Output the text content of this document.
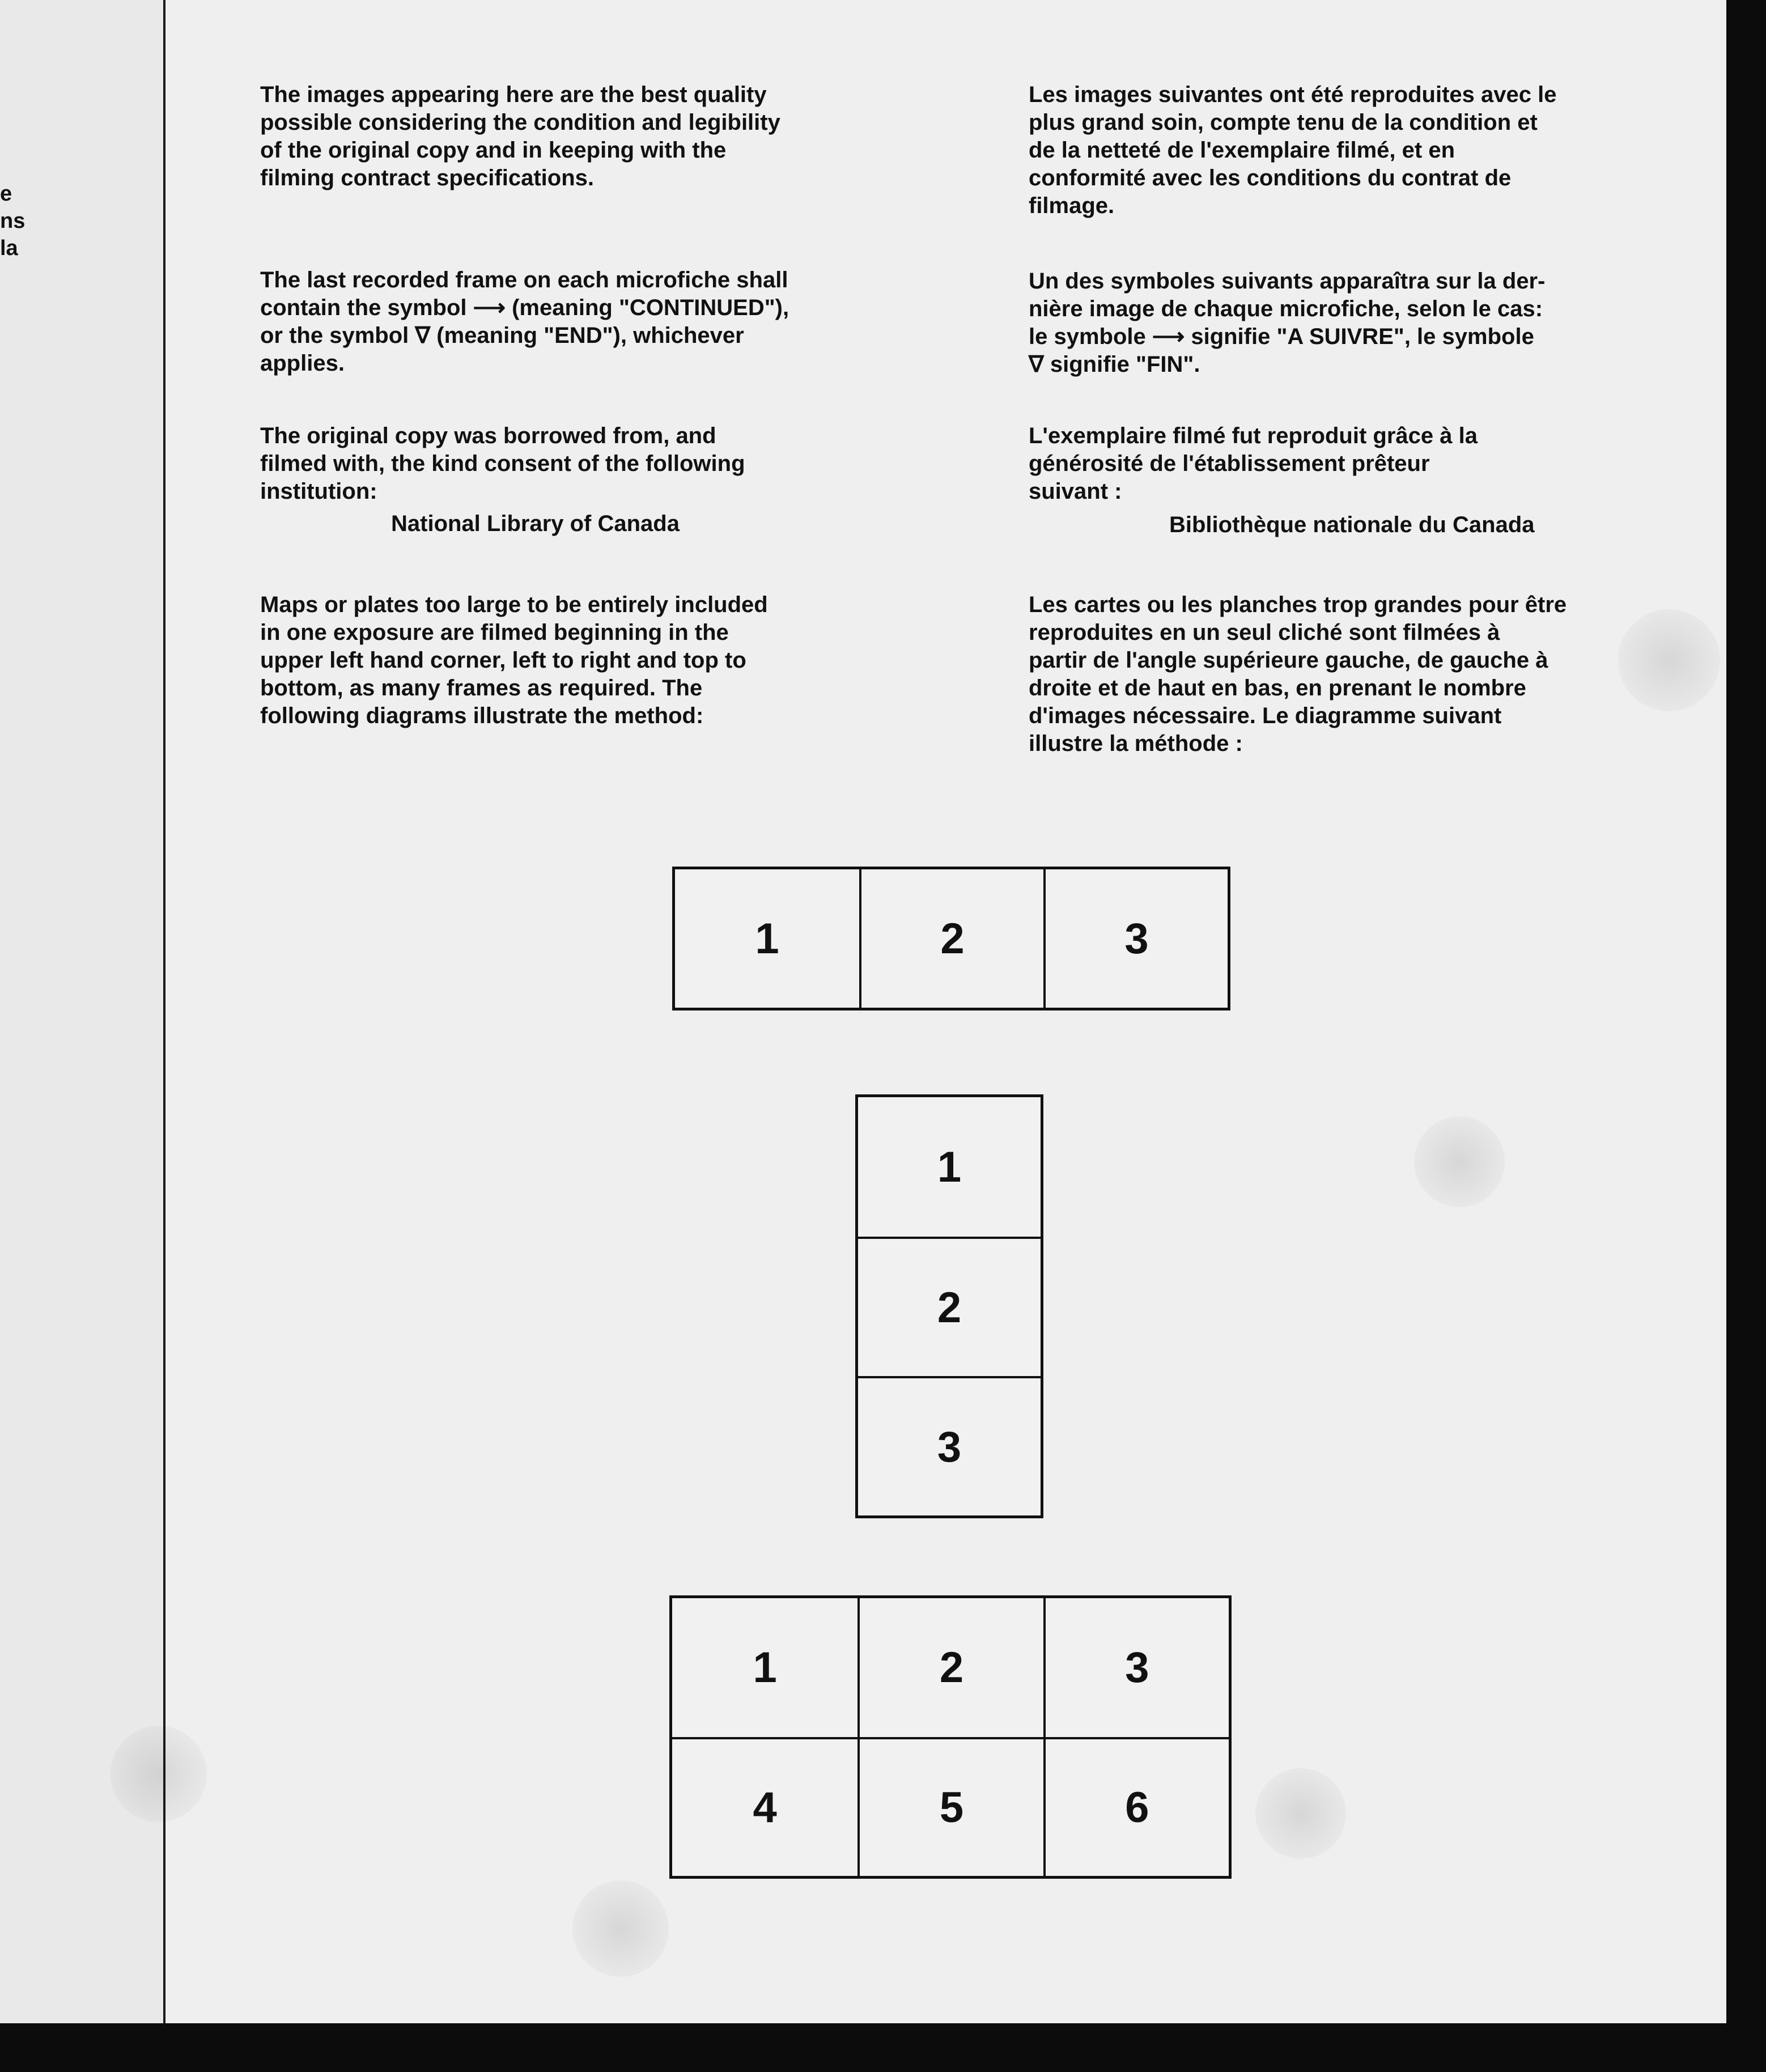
e
ns
la
The images appearing here are the best quality
possible considering the condition and legibility
of the original copy and in keeping with the
filming contract specifications.
The last recorded frame on each microfiche shall
contain the symbol ⟶ (meaning "CONTINUED"),
or the symbol ∇ (meaning "END"), whichever
applies.
The original copy was borrowed from, and
filmed with, the kind consent of the following
institution:
National Library of Canada
Maps or plates too large to be entirely included
in one exposure are filmed beginning in the
upper left hand corner, left to right and top to
bottom, as many frames as required. The
following diagrams illustrate the method:
Les images suivantes ont été reproduites avec le
plus grand soin, compte tenu de la condition et
de la netteté de l'exemplaire filmé, et en
conformité avec les conditions du contrat de
filmage.
Un des symboles suivants apparaîtra sur la der-
nière image de chaque microfiche, selon le cas:
le symbole ⟶ signifie "A SUIVRE", le symbole
∇ signifie "FIN".
L'exemplaire filmé fut reproduit grâce à la
générosité de l'établissement prêteur
suivant :
Bibliothèque nationale du Canada
Les cartes ou les planches trop grandes pour être
reproduites en un seul cliché sont filmées à
partir de l'angle supérieure gauche, de gauche à
droite et de haut en bas, en prenant le nombre
d'images nécessaire. Le diagramme suivant
illustre la méthode :
1	2	3
1
2
3
1	2	3
4	5	6
